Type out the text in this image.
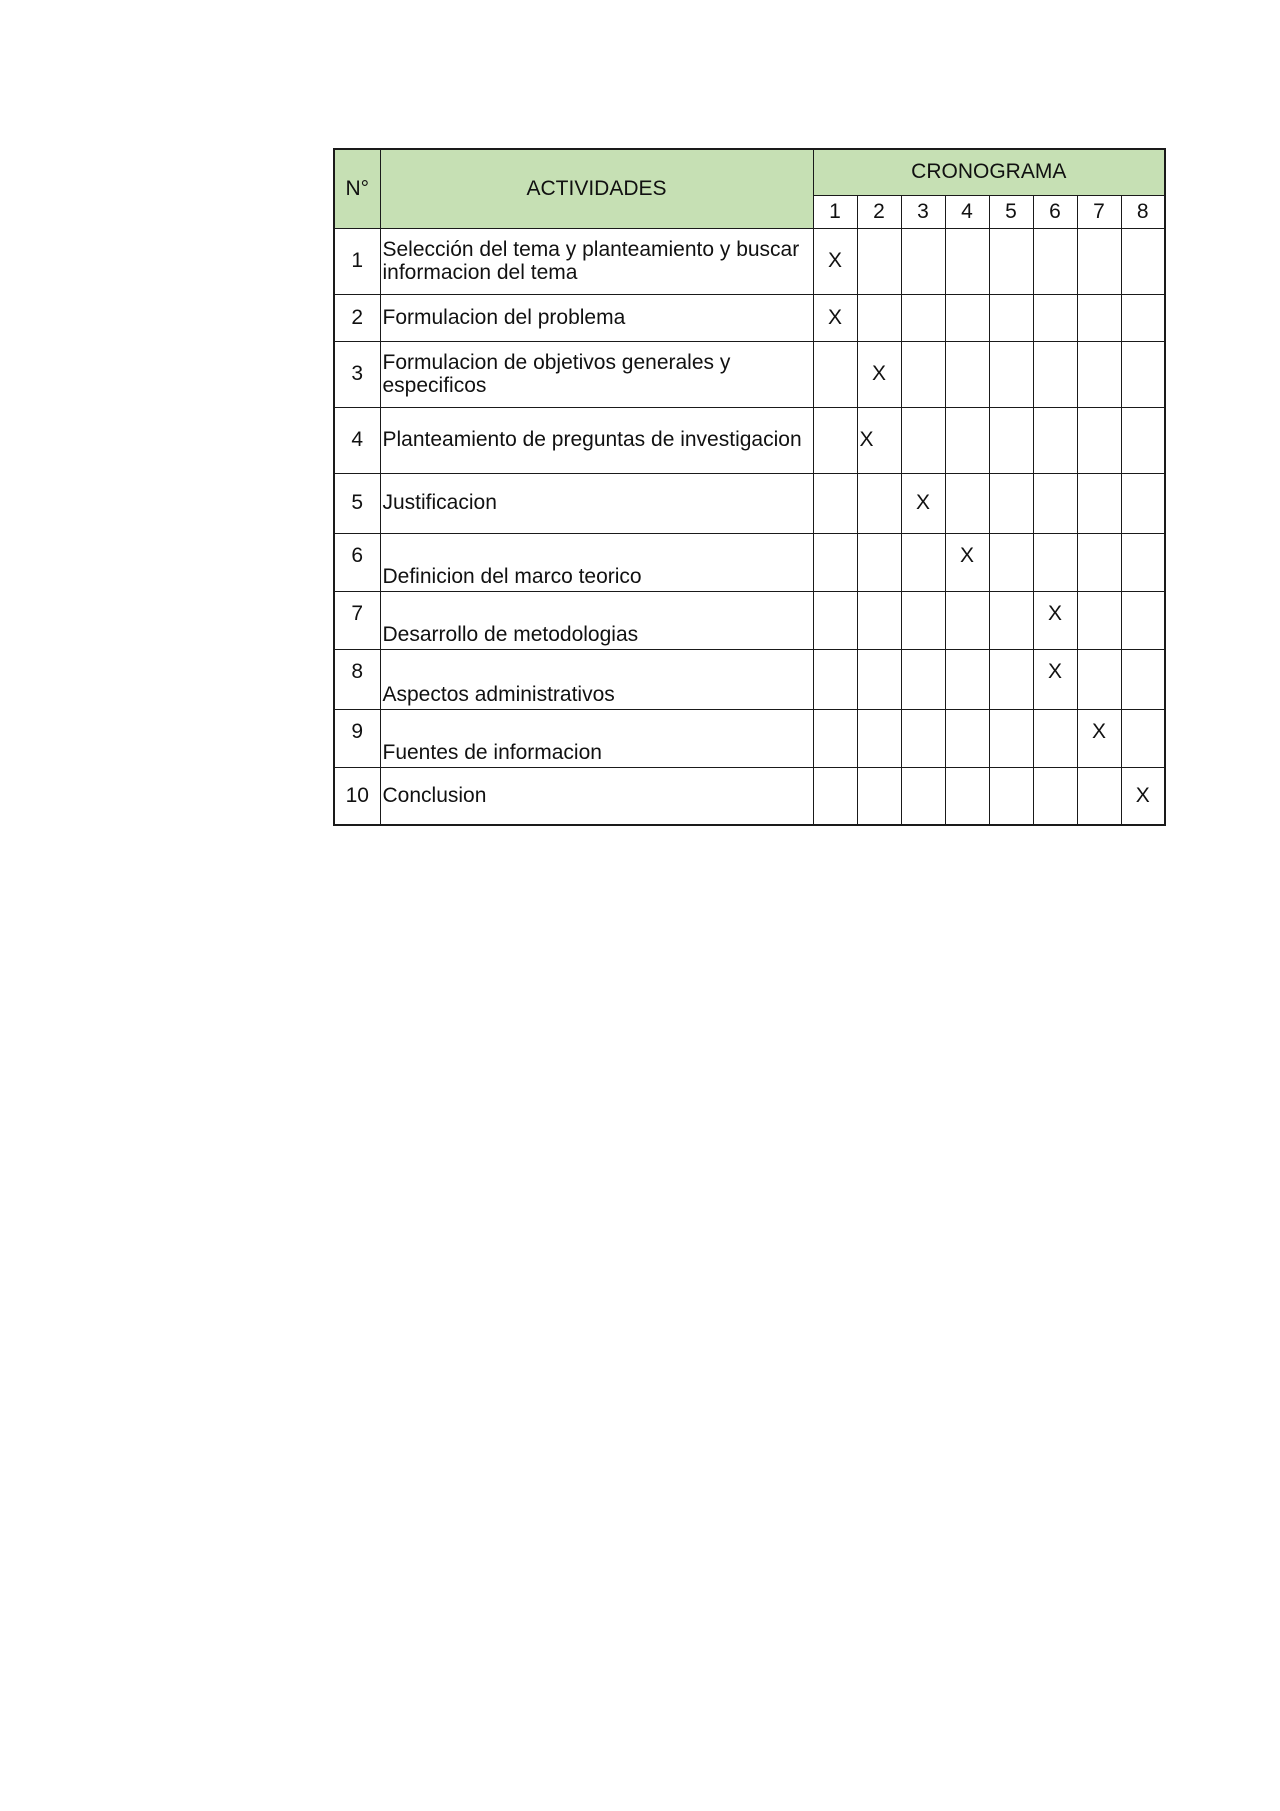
N°	ACTIVIDADES	CRONOGRAMA							
		1	2	3	4	5	6	7	8
1	Selección del tema y planteamiento y buscar informacion del tema	X							
2	Formulacion del problema	X							
3	Formulacion de objetivos generales y especificos		X						
4	Planteamiento de preguntas de investigacion		X						
5	Justificacion			X					
6	Definicion del marco teorico				X				
7	Desarrollo de metodologias						X		
8	Aspectos administrativos						X		
9	Fuentes de informacion							X	
10	Conclusion								X
